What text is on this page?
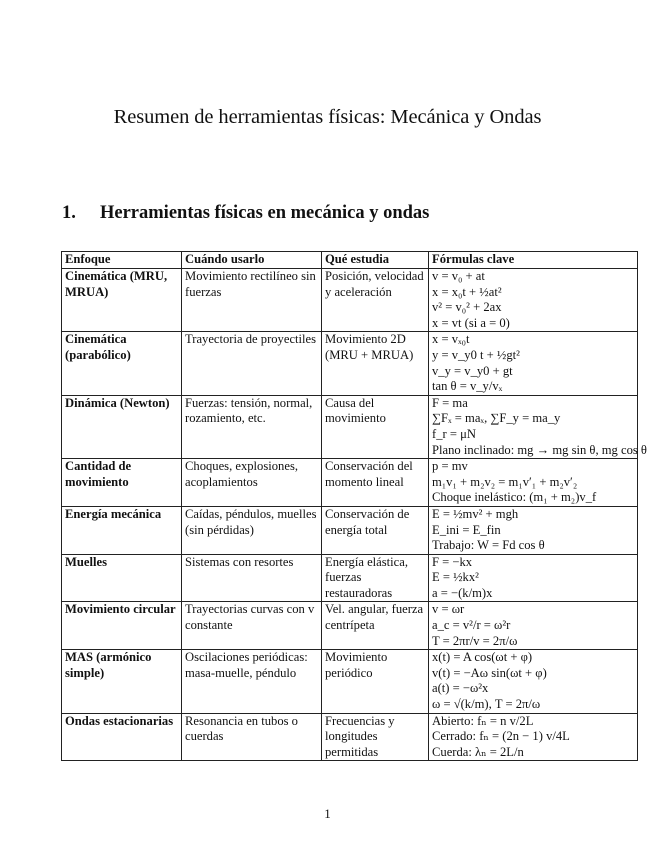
Resumen de herramientas físicas: Mecánica y Ondas
1. Herramientas físicas en mecánica y ondas
Enfoque	Cuándo usarlo	Qué estudia	Fórmulas clave
Cinemática (MRU, MRUA)	Movimiento rectilíneo sin fuerzas	Posición, velocidad y aceleración	v = v₀ + at
x = x₀t + ½at²
v² = v₀² + 2ax
x = vt (si a = 0)

Cinemática (parabólico)	Trayectoria de proyectiles	Movimiento 2D (MRU + MRUA)	x = vₓ₀t
y = v_y0 t + ½gt²
v_y = v_y0 + gt
tan θ = v_y/vₓ

Dinámica (Newton)	Fuerzas: tensión, normal, rozamiento, etc.	Causa del movimiento	F = ma
∑Fₓ = maₓ, ∑F_y = ma_y
f_r = μN
Plano inclinado: mg → mg sin θ, mg cos θ

Cantidad de movimiento	Choques, explosiones, acoplamientos	Conservación del momento lineal	p = mv
m₁v₁ + m₂v₂ = m₁v′₁ + m₂v′₂
Choque inelástico: (m₁ + m₂)v_f

Energía mecánica	Caídas, péndulos, muelles (sin pérdidas)	Conservación de energía total	E = ½mv² + mgh
E_ini = E_fin
Trabajo: W = Fd cos θ

Muelles	Sistemas con resortes	Energía elástica, fuerzas restauradoras	F = −kx
E = ½kx²
a = −(k/m)x

Movimiento circular	Trayectorias curvas con v constante	Vel. angular, fuerza centrípeta	v = ωr
a_c = v²/r = ω²r
T = 2πr/v = 2π/ω

MAS (armónico simple)	Oscilaciones periódicas: masa-muelle, péndulo	Movimiento periódico	x(t) = A cos(ωt + φ)
v(t) = −Aω sin(ωt + φ)
a(t) = −ω²x
ω = √(k/m), T = 2π/ω

Ondas estacionarias	Resonancia en tubos o cuerdas	Frecuencias y longitudes permitidas	Abierto: fₙ = n v/2L
Cerrado: fₙ = (2n − 1) v/4L
Cuerda: λₙ = 2L/n
1
